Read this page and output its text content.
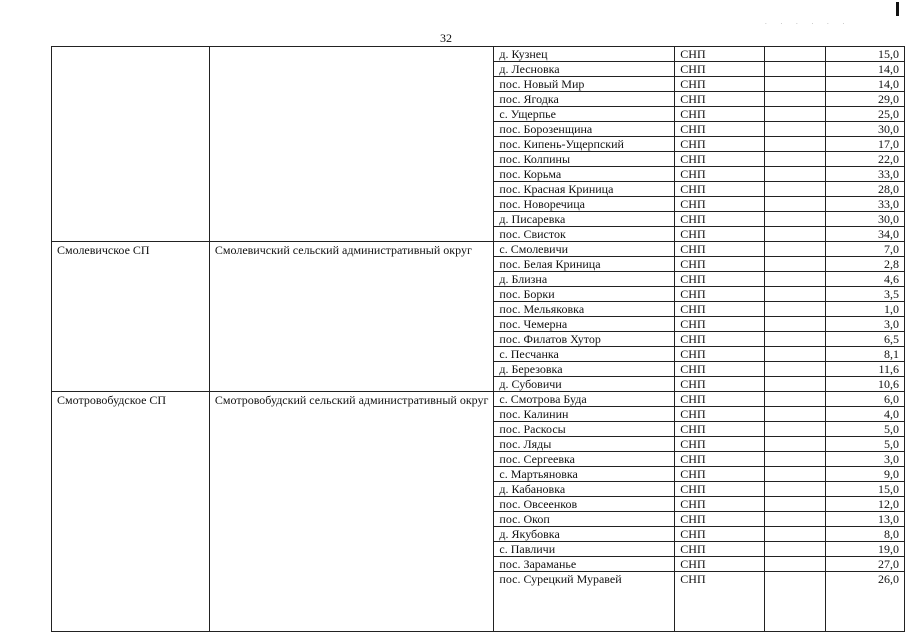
32
. . . . . .
		д. Кузнец	СНП		15,0
		д. Лесновка	СНП		14,0
		пос. Новый Мир	СНП		14,0
		пос. Ягодка	СНП		29,0
		с. Ущерпье	СНП		25,0
		пос. Борозенщина	СНП		30,0
		пос. Кипень-Ущерпский	СНП		17,0
		пос. Колпины	СНП		22,0
		пос. Корьма	СНП		33,0
		пос. Красная Криница	СНП		28,0
		пос. Новоречица	СНП		33,0
		д. Писаревка	СНП		30,0
		пос. Свисток	СНП		34,0
Смолевичское СП	Смолевичский сельский административный округ	с. Смолевичи	СНП		7,0
		пос. Белая Криница	СНП		2,8
		д. Близна	СНП		4,6
		пос. Борки	СНП		3,5
		пос. Мельяковка	СНП		1,0
		пос. Чемерна	СНП		3,0
		пос. Филатов Хутор	СНП		6,5
		с. Песчанка	СНП		8,1
		д. Березовка	СНП		11,6
		д. Субовичи	СНП		10,6
Смотровобудское СП	Смотровобудский сельский административный округ	с. Смотрова Буда	СНП		6,0
		пос. Калинин	СНП		4,0
		пос. Раскосы	СНП		5,0
		пос. Ляды	СНП		5,0
		пос. Сергеевка	СНП		3,0
		с. Мартьяновка	СНП		9,0
		д. Кабановка	СНП		15,0
		пос. Овсеенков	СНП		12,0
		пос. Окоп	СНП		13,0
		д. Якубовка	СНП		8,0
		с. Павличи	СНП		19,0
		пос. Зараманье	СНП		27,0
		пос. Сурецкий Муравей	СНП		26,0
